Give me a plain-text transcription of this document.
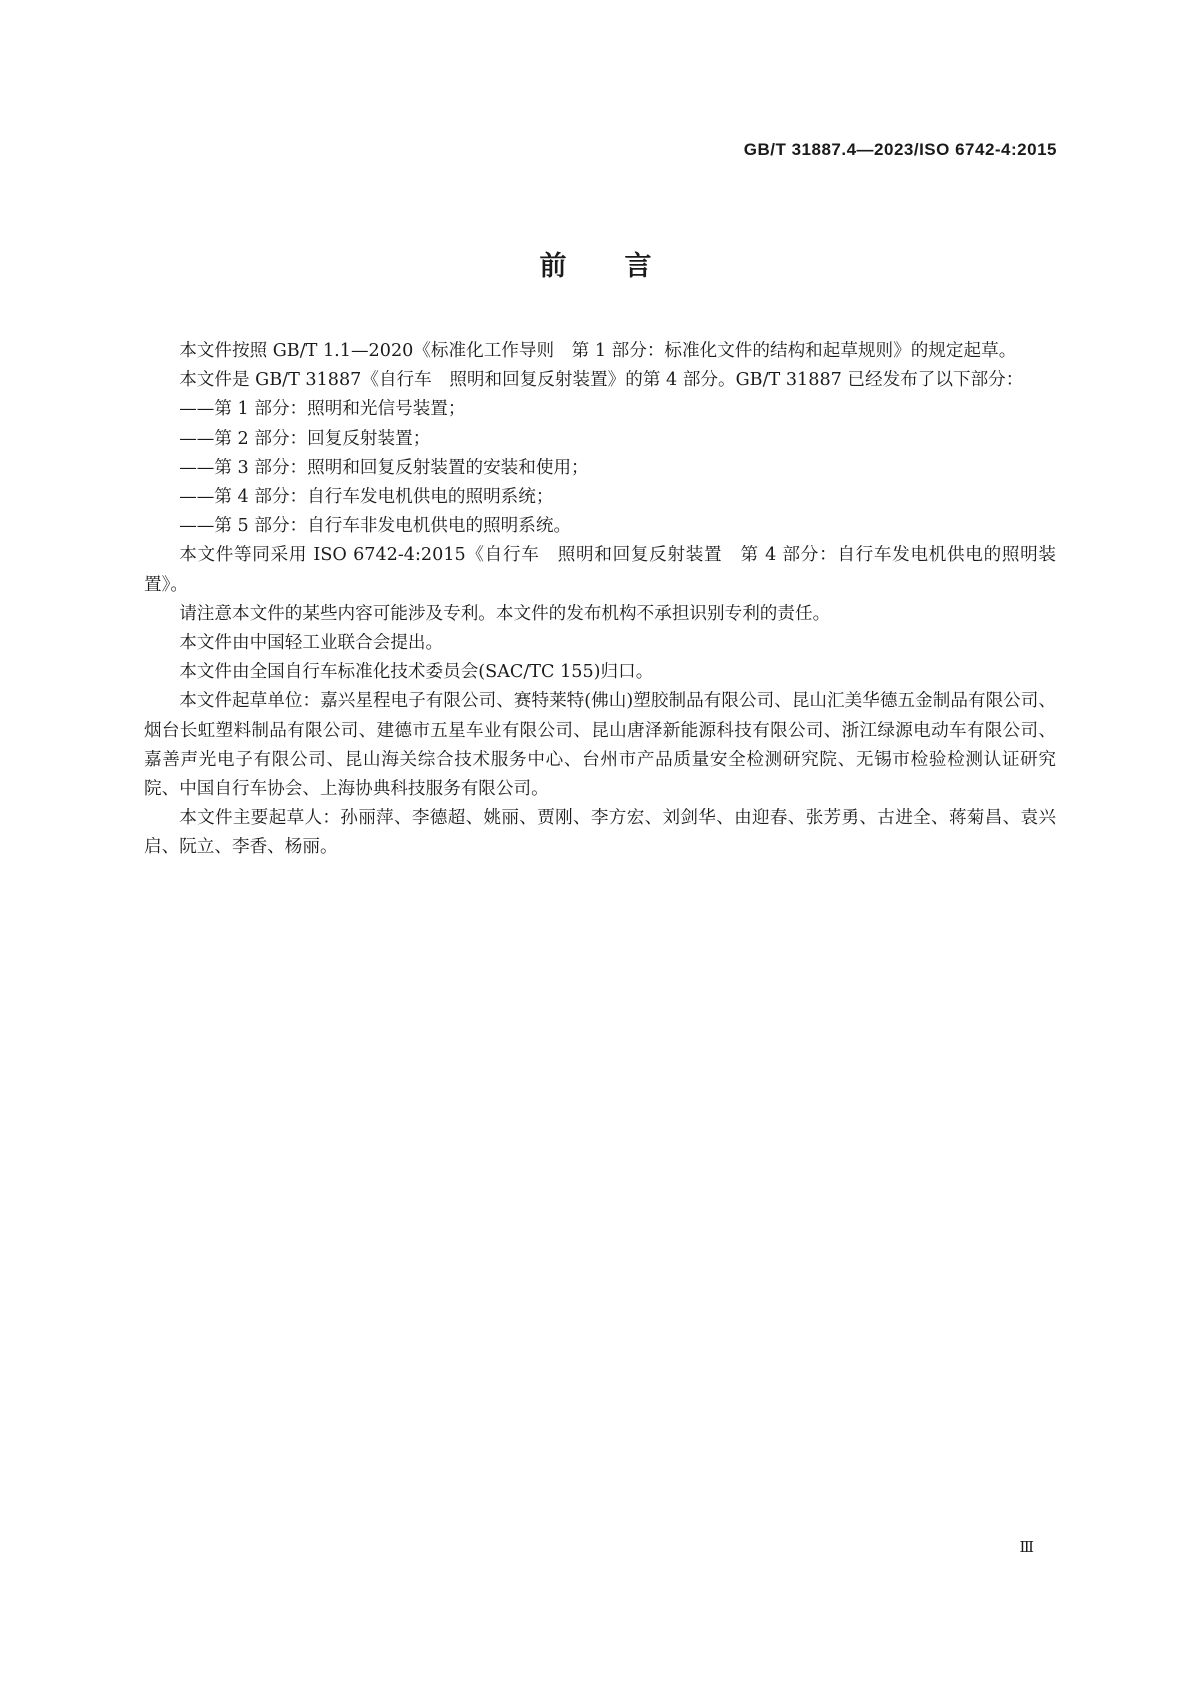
GB/T 31887.4—2023/ISO 6742-4:2015
前言

本文件按照 GB/T 1.1—2020《标准化工作导则　第 1 部分：标准化文件的结构和起草规则》的规定起草。

本文件是 GB/T 31887《自行车　照明和回复反射装置》的第 4 部分。GB/T 31887 已经发布了以下部分：

——第 1 部分：照明和光信号装置；

——第 2 部分：回复反射装置；

——第 3 部分：照明和回复反射装置的安装和使用；

——第 4 部分：自行车发电机供电的照明系统；

——第 5 部分：自行车非发电机供电的照明系统。

本文件等同采用 ISO 6742-4:2015《自行车　照明和回复反射装置　第 4 部分：自行车发电机供电的照明装置》。

请注意本文件的某些内容可能涉及专利。本文件的发布机构不承担识别专利的责任。

本文件由中国轻工业联合会提出。

本文件由全国自行车标准化技术委员会(SAC/TC 155)归口。

本文件起草单位：嘉兴星程电子有限公司、赛特莱特(佛山)塑胶制品有限公司、昆山汇美华德五金制品有限公司、烟台长虹塑料制品有限公司、建德市五星车业有限公司、昆山唐泽新能源科技有限公司、浙江绿源电动车有限公司、嘉善声光电子有限公司、昆山海关综合技术服务中心、台州市产品质量安全检测研究院、无锡市检验检测认证研究院、中国自行车协会、上海协典科技服务有限公司。

本文件主要起草人：孙丽萍、李德超、姚丽、贾刚、李方宏、刘剑华、由迎春、张芳勇、古进全、蒋菊昌、袁兴启、阮立、李香、杨丽。

Ⅲ
